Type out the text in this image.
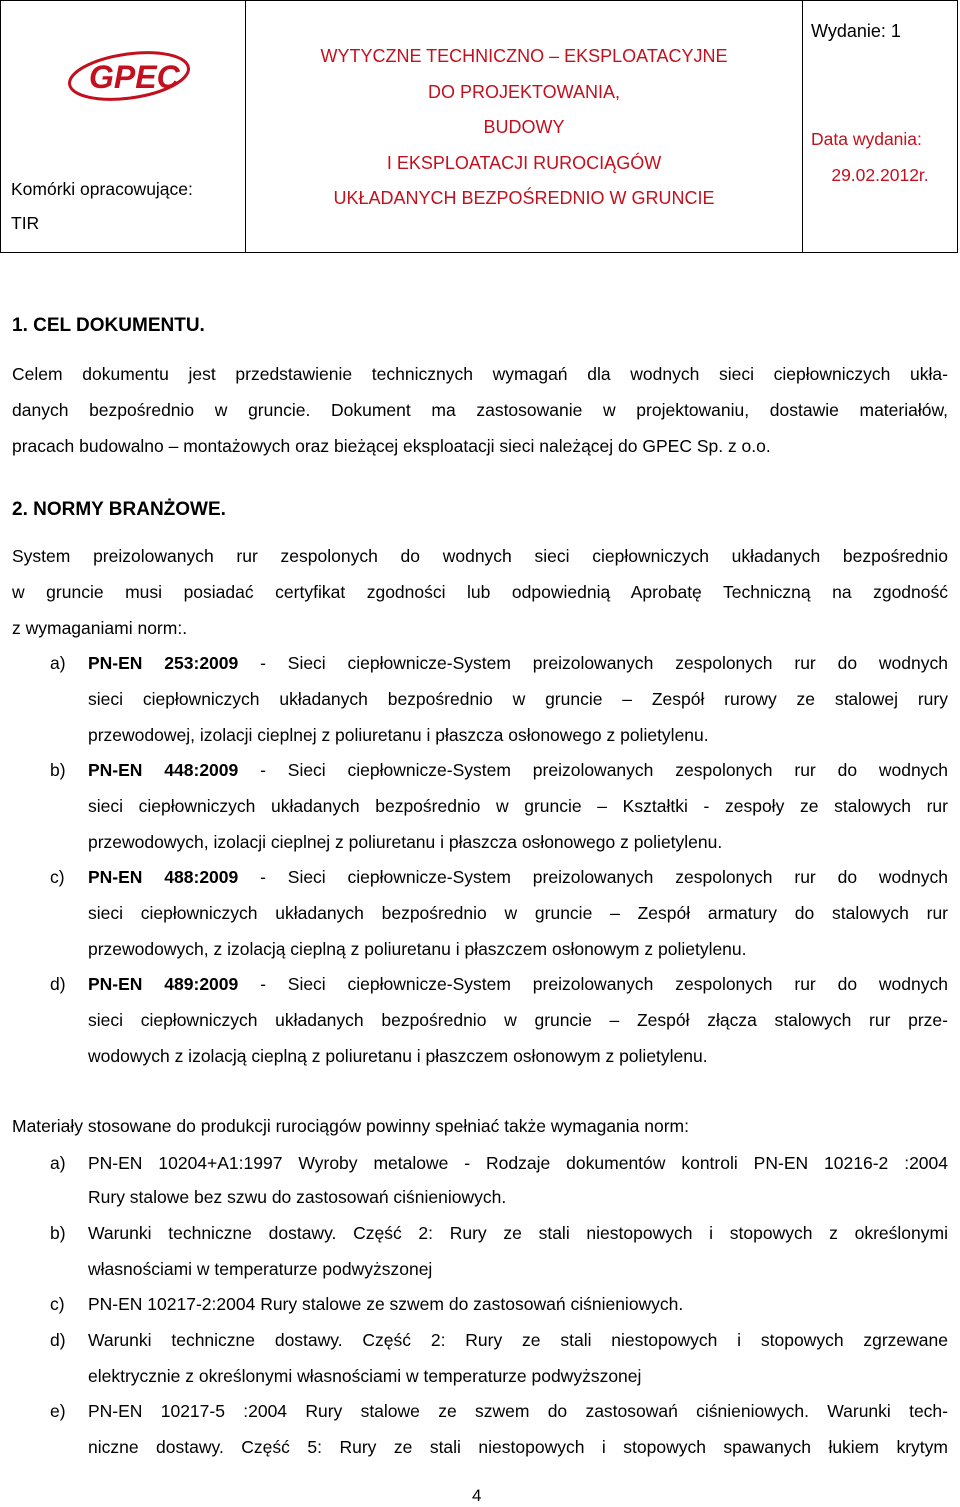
GPEC
Komórki opracowujące:
TIR

WYTYCZNE TECHNICZNO – EKSPLOATACYJNE
DO PROJEKTOWANIA,
BUDOWY
I EKSPLOATACJI RUROCIĄGÓW
UKŁADANYCH BEZPOŚREDNIO W GRUNCIE

Wydanie: 1
Data wydania:
29.02.2012r.
1. CEL DOKUMENTU.
Celem dokumentu jest przedstawienie technicznych wymagań dla wodnych sieci ciepłowniczych ukła-
danych bezpośrednio w gruncie. Dokument ma zastosowanie w projektowaniu, dostawie materiałów,
pracach budowalno – montażowych oraz bieżącej eksploatacji sieci należącej do GPEC Sp. z o.o.
2. NORMY BRANŻOWE.
System preizolowanych rur zespolonych do wodnych sieci ciepłowniczych układanych bezpośrednio
w gruncie musi posiadać certyfikat zgodności lub odpowiednią Aprobatę Techniczną na zgodność
z wymaganiami norm:.
a) PN-EN 253:2009 - Sieci ciepłownicze-System preizolowanych zespolonych rur do wodnych
sieci ciepłowniczych układanych bezpośrednio w gruncie – Zespół rurowy ze stalowej rury
przewodowej, izolacji cieplnej z poliuretanu i płaszcza osłonowego z polietylenu.
b) PN-EN 448:2009 - Sieci ciepłownicze-System preizolowanych zespolonych rur do wodnych
sieci ciepłowniczych układanych bezpośrednio w gruncie – Kształtki - zespoły ze stalowych rur
przewodowych, izolacji cieplnej z poliuretanu i płaszcza osłonowego z polietylenu.
c) PN-EN 488:2009 - Sieci ciepłownicze-System preizolowanych zespolonych rur do wodnych
sieci ciepłowniczych układanych bezpośrednio w gruncie – Zespół armatury do stalowych rur
przewodowych, z izolacją cieplną z poliuretanu i płaszczem osłonowym z polietylenu.
d) PN-EN 489:2009 - Sieci ciepłownicze-System preizolowanych zespolonych rur do wodnych
sieci ciepłowniczych układanych bezpośrednio w gruncie – Zespół złącza stalowych rur prze-
wodowych z izolacją cieplną z poliuretanu i płaszczem osłonowym z polietylenu.
Materiały stosowane do produkcji rurociągów powinny spełniać także wymagania norm:
a) PN-EN 10204+A1:1997 Wyroby metalowe - Rodzaje dokumentów kontroli PN-EN 10216-2 :2004
Rury stalowe bez szwu do zastosowań ciśnieniowych.
b) Warunki techniczne dostawy. Część 2: Rury ze stali niestopowych i stopowych z określonymi
własnościami w temperaturze podwyższonej
c) PN-EN 10217-2:2004 Rury stalowe ze szwem do zastosowań ciśnieniowych.
d) Warunki techniczne dostawy. Część 2: Rury ze stali niestopowych i stopowych zgrzewane
elektrycznie z określonymi własnościami w temperaturze podwyższonej
e) PN-EN 10217-5 :2004 Rury stalowe ze szwem do zastosowań ciśnieniowych. Warunki tech-
niczne dostawy. Część 5: Rury ze stali niestopowych i stopowych spawanych łukiem krytym
4
